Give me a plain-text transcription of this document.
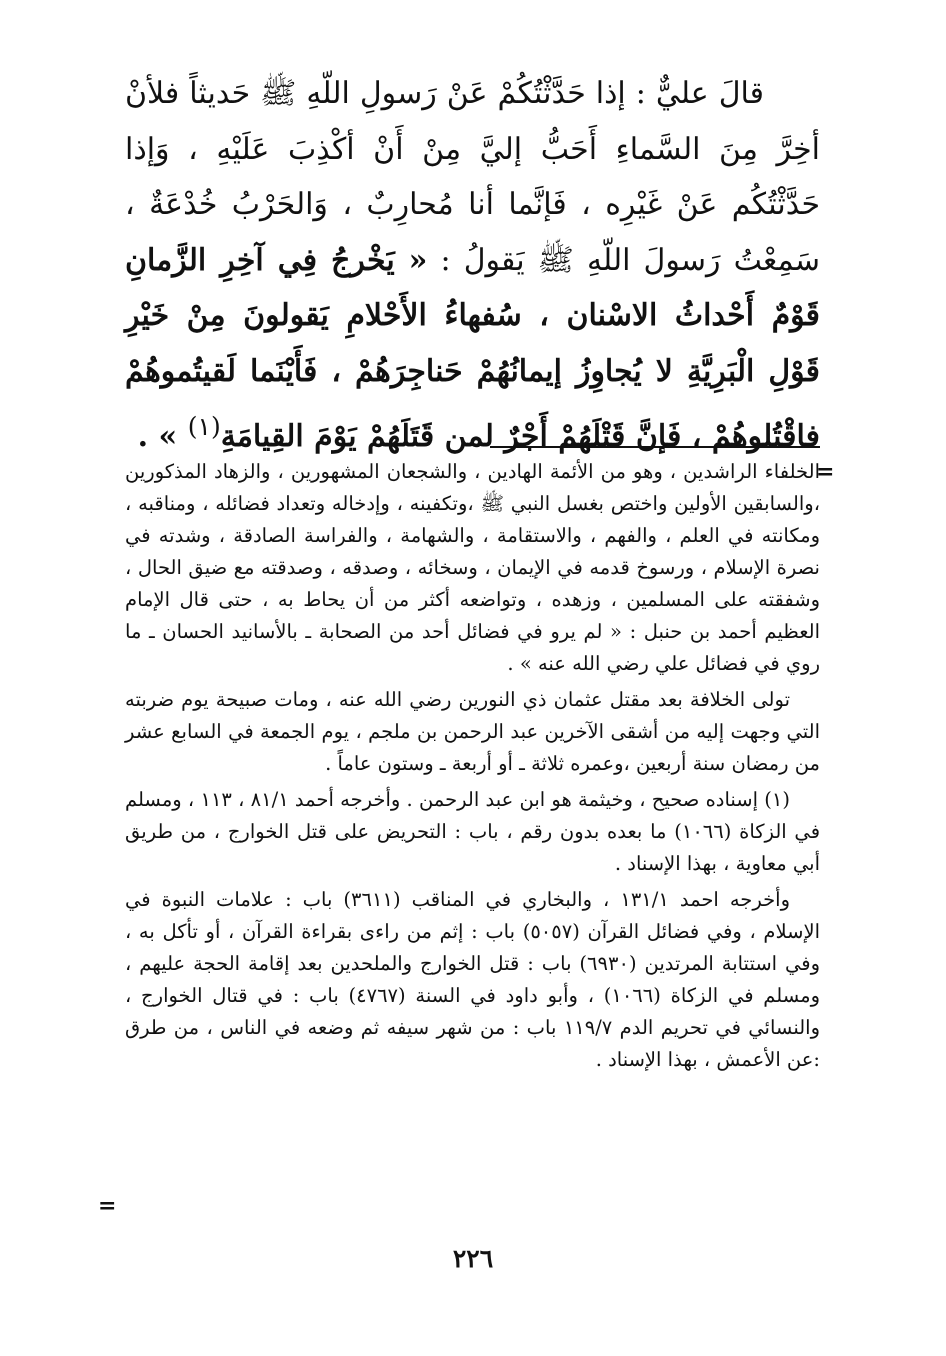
قالَ عليٌّ : إذا حَدَّثْتُكُمْ عَنْ رَسولِ اللّهِ ﷺ حَديثاً فلأنْ أخِرَّ مِنَ السَّماءِ أَحَبُّ إليَّ مِنْ أَنْ أكْذِبَ عَلَيْهِ ، وَإذا حَدَّثْتُكُم عَنْ غَيْرِه ، فَإنَّما أنا مُحارِبٌ ، وَالحَرْبُ خُدْعَةٌ ، سَمِعْتُ رَسولَ اللّهِ ﷺ يَقولُ : « يَخْرجُ فِي آخِرِ الزَّمانِ قَوْمٌ أَحْداثُ الاسْنان ، سُفهاءُ الأَحْلامِ يَقولونَ مِنْ خَيْرِ قَوْلِ الْبَرِيَّةِ لا يُجاوِزُ إيمانُهُمْ حَناجِرَهُمْ ، فَأَيْنَما لَقيتُموهُمْ فاقْتُلوهُمْ ، فَإنَّ قَتْلَهُمْ أَجْرٌ لمن قَتَلَهُمْ يَوْمَ القِيامَةِ$^{(١)}$ » .

=

الخلفاء الراشدين ، وهو من الأئمة الهادين ، والشجعان المشهورين ، والزهاد المذكورين ،والسابقين الأولين واختص بغسل النبي ﷺ ،وتكفينه ، وإدخاله وتعداد فضائله ، ومناقبه ، ومكانته في العلم ، والفهم ، والاستقامة ، والشهامة ، والفراسة الصادقة ، وشدته في نصرة الإسلام ، ورسوخ قدمه في الإيمان ، وسخائه ، وصدقه ، وصدقته مع ضيق الحال ، وشفقته على المسلمين ، وزهده ، وتواضعه أكثر من أن يحاط به ، حتى قال الإمام العظيم أحمد بن حنبل : « لم يرو في فضائل أحد من الصحابة ـ بالأسانيد الحسان ـ ما روي في فضائل علي رضي الله عنه » .

تولى الخلافة بعد مقتل عثمان ذي النورين رضي الله عنه ، ومات صبيحة يوم ضربته التي وجهت إليه من أشقى الآخرين عبد الرحمن بن ملجم ، يوم الجمعة في السابع عشر من رمضان سنة أربعين ،وعمره ثلاثة ـ أو أربعة ـ وستون عاماً .

(١) إسناده صحيح ، وخيثمة هو ابن عبد الرحمن . وأخرجه أحمد ٨١/١ ، ١١٣ ، ومسلم في الزكاة (١٠٦٦) ما بعده بدون رقم ، باب : التحريض على قتل الخوارج ، من طريق أبي معاوية ، بهذا الإسناد .

وأخرجه احمد ١٣١/١ ، والبخاري في المناقب (٣٦١١) باب : علامات النبوة في الإسلام ، وفي فضائل القرآن (٥٠٥٧) باب : إثم من راءى بقراءة القرآن ، أو تأكل به ، وفي استتابة المرتدين (٦٩٣٠) باب : قتل الخوارج والملحدين بعد إقامة الحجة عليهم ، ومسلم في الزكاة (١٠٦٦) ، وأبو داود في السنة (٤٧٦٧) باب : في قتال الخوارج ، والنسائي في تحريم الدم ١١٩/٧ باب : من شهر سيفه ثم وضعه في الناس ، من طرق :عن الأعمش ، بهذا الإسناد .

=
٢٢٦
